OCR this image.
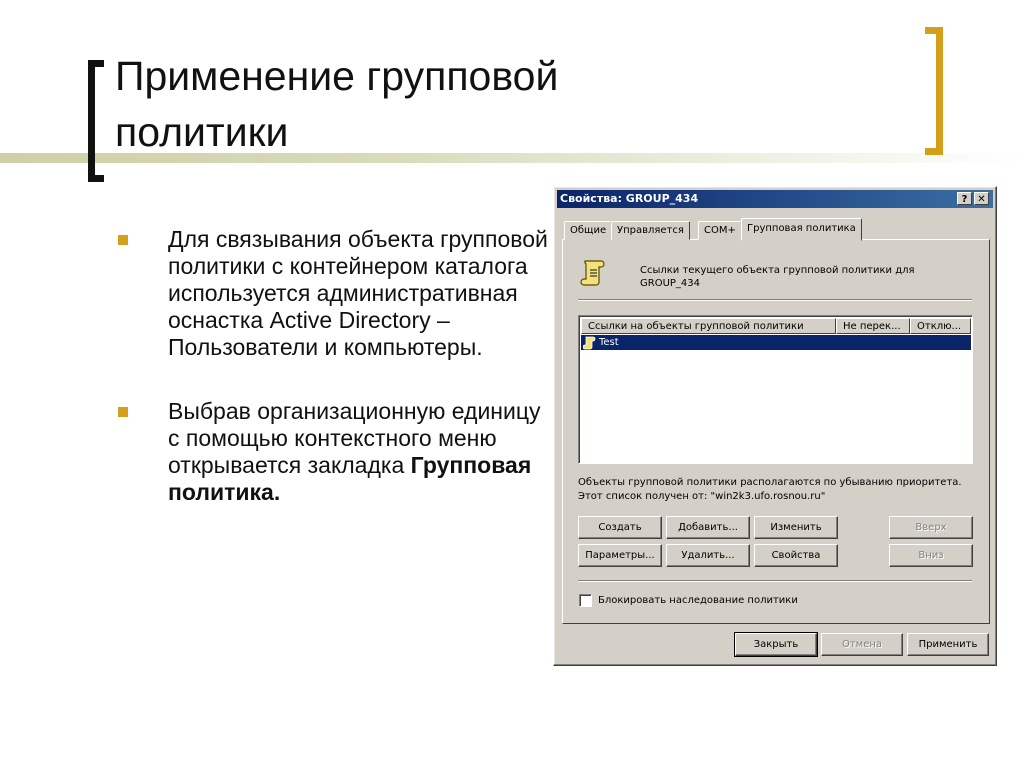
Применение групповой
политики
Для связывания объекта групповой политики с контейнером каталога используется административная оснастка Active Directory – Пользователи и компьютеры.
Выбрав организационную единицу с помощью контекстного меню открывается закладка Групповая политика.
Свойства: GROUP_434	? ✕
Общие	Управляется	COM+	Групповая политика
Ссылки текущего объекта групповой политики для
GROUP_434
Ссылки на объекты групповой политики	Не перек...	Отклю...
Test
Объекты групповой политики располагаются по убыванию приоритета.
Этот список получен от: "win2k3.ufo.rosnou.ru"
Создать	Добавить...	Изменить	Вверх
Параметры...	Удалить...	Свойства	Вниз
Блокировать наследование политики
Закрыть	Отмена	Применить
